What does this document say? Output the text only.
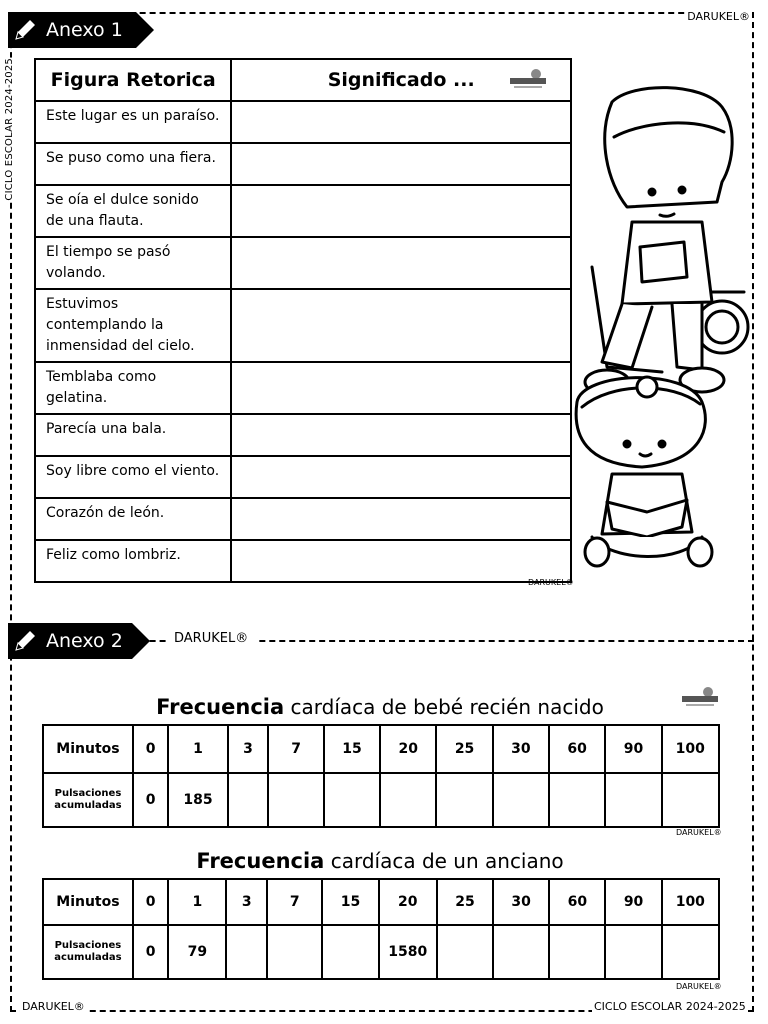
DARUKEL®
CICLO ESCOLAR 2024-2025
Anexo 1
Figura Retorica	Significado ...

Este lugar es un paraíso.	
Se puso como una fiera.	
Se oía el dulce sonido de una flauta.	
El tiempo se pasó volando.	
Estuvimos contemplando la inmensidad del cielo.	
Temblaba como gelatina.	
Parecía una bala.	
Soy libre como el viento.	
Corazón de león.	
Feliz como lombriz.	
DARUKEL®
Anexo 2	DARUKEL®
Frecuencia cardíaca de bebé recién nacido
Minutos	0	1	3	7	15	20	25	30	60	90	100
Pulsaciones acumuladas	0	185									
DARUKEL®
Frecuencia cardíaca de un anciano
Minutos	0	1	3	7	15	20	25	30	60	90	100
Pulsaciones acumuladas	0	79				1580					
DARUKEL®
DARUKEL®	CICLO ESCOLAR 2024-2025
